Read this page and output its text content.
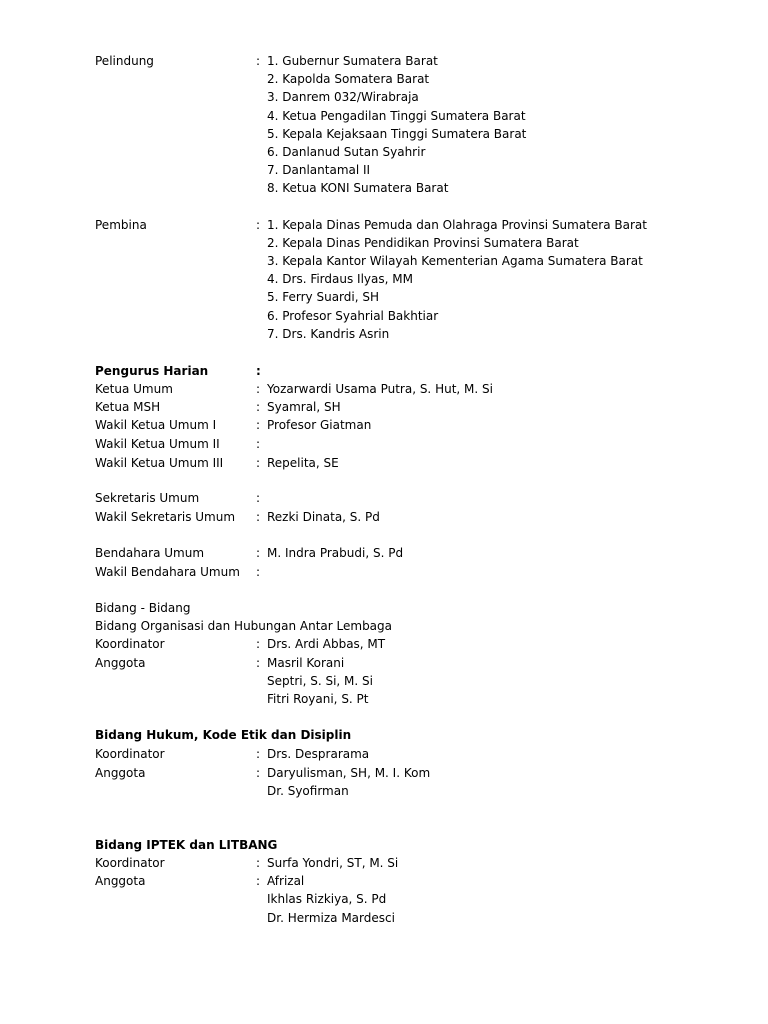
Pelindung	: 1. Gubernur Sumatera Barat
2. Kapolda Somatera Barat
3. Danrem 032/Wirabraja
4. Ketua Pengadilan Tinggi Sumatera Barat
5. Kepala Kejaksaan Tinggi Sumatera Barat
6. Danlanud Sutan Syahrir
7. Danlantamal II
8. Ketua KONI Sumatera Barat
Pembina	: 1. Kepala Dinas Pemuda dan Olahraga Provinsi Sumatera Barat
2. Kepala Dinas Pendidikan Provinsi Sumatera Barat
3. Kepala Kantor Wilayah Kementerian Agama Sumatera Barat
4. Drs. Firdaus Ilyas, MM
5. Ferry Suardi, SH
6. Profesor Syahrial Bakhtiar
7. Drs. Kandris Asrin
Pengurus Harian	:
Ketua Umum	: Yozarwardi Usama Putra, S. Hut, M. Si
Ketua MSH	: Syamral, SH
Wakil Ketua Umum I	: Profesor Giatman
Wakil Ketua Umum II	:
Wakil Ketua Umum III	: Repelita, SE
Sekretaris Umum	:
Wakil Sekretaris Umum : Rezki Dinata, S. Pd
Bendahara Umum	: M. Indra Prabudi, S. Pd
Wakil Bendahara Umum :
Bidang - Bidang
Bidang Organisasi dan Hubungan Antar Lembaga
Koordinator	: Drs. Ardi Abbas, MT
Anggota	: Masril Korani
Septri, S. Si, M. Si
Fitri Royani, S. Pt
Bidang Hukum, Kode Etik dan Disiplin
Koordinator	: Drs. Desprarama
Anggota	: Daryulisman, SH, M. I. Kom
Dr. Syofirman
Bidang IPTEK dan LITBANG
Koordinator	: Surfa Yondri, ST, M. Si
Anggota	: Afrizal
Ikhlas Rizkiya, S. Pd
Dr. Hermiza Mardesci
